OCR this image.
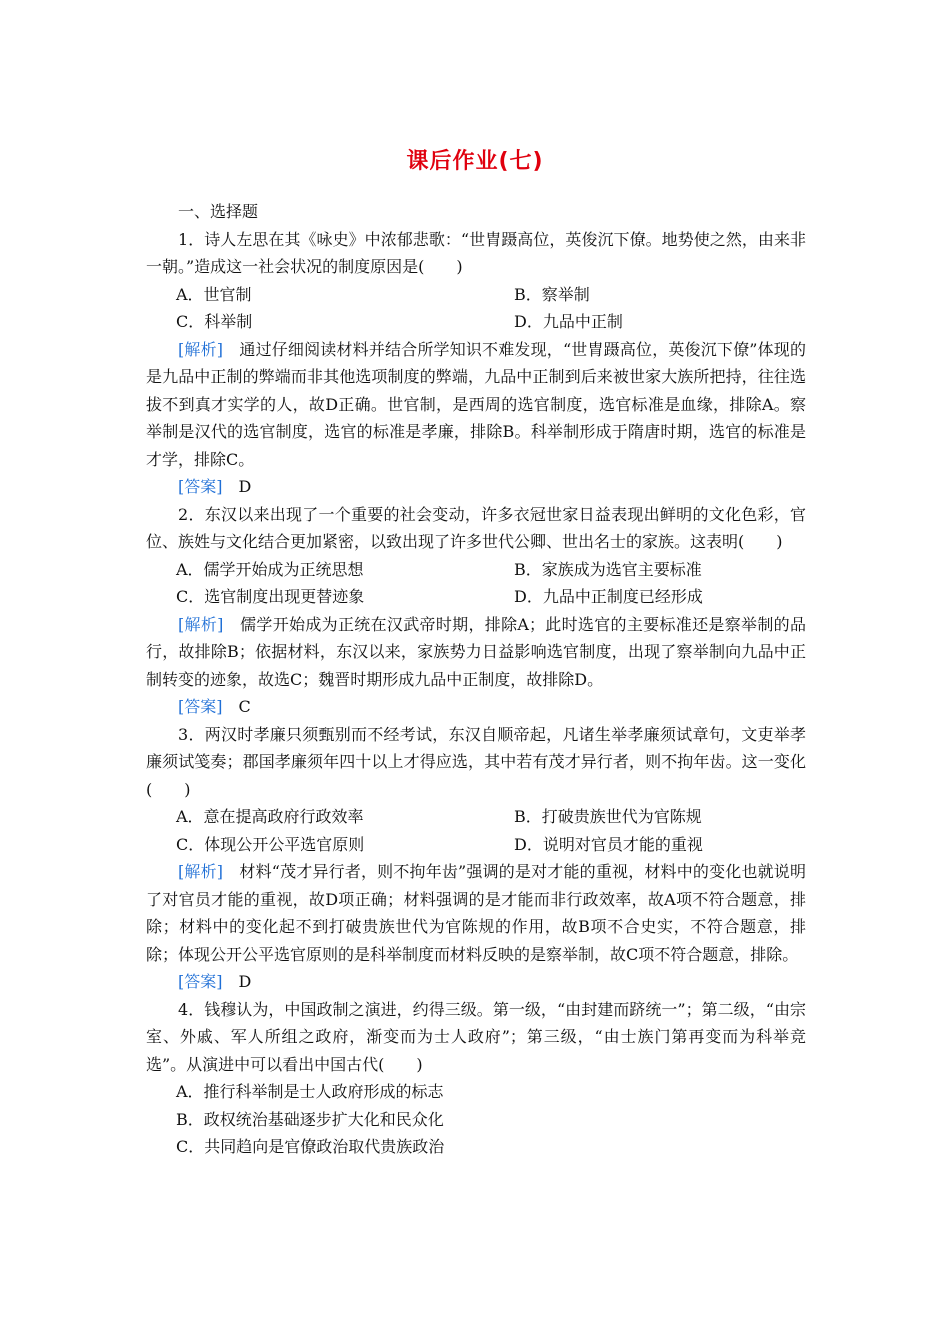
课后作业(七)

一、选择题

1．诗人左思在其《咏史》中浓郁悲歌：“世胄蹑高位，英俊沉下僚。地势使之然，由来非一朝。”造成这一社会状况的制度原因是(　　)

A．世官制	B．察举制
C．科举制	D．九品中正制

[解析]　 通过仔细阅读材料并结合所学知识不难发现，“世胄蹑高位，英俊沉下僚”体现的是九品中正制的弊端而非其他选项制度的弊端，九品中正制到后来被世家大族所把持，往往选拔不到真才实学的人，故D正确。世官制，是西周的选官制度，选官标准是血缘，排除A。察举制是汉代的选官制度，选官的标准是孝廉，排除B。科举制形成于隋唐时期，选官的标准是才学，排除C。

[答案]　 D

2．东汉以来出现了一个重要的社会变动，许多衣冠世家日益表现出鲜明的文化色彩，官位、族姓与文化结合更加紧密，以致出现了许多世代公卿、世出名士的家族。这表明(　　)

A．儒学开始成为正统思想	B．家族成为选官主要标准
C．选官制度出现更替迹象	D．九品中正制度已经形成

[解析]　 儒学开始成为正统在汉武帝时期，排除A；此时选官的主要标准还是察举制的品行，故排除B；依据材料，东汉以来，家族势力日益影响选官制度，出现了察举制向九品中正制转变的迹象，故选C；魏晋时期形成九品中正制度，故排除D。

[答案]　 C

3．两汉时孝廉只须甄别而不经考试，东汉自顺帝起，凡诸生举孝廉须试章句，文吏举孝廉须试笺奏；郡国孝廉须年四十以上才得应选，其中若有茂才异行者，则不拘年齿。这一变化(　　)

A．意在提高政府行政效率	B．打破贵族世代为官陈规
C．体现公开公平选官原则	D．说明对官员才能的重视

[解析]　 材料“茂才异行者，则不拘年齿”强调的是对才能的重视，材料中的变化也就说明了对官员才能的重视，故D项正确；材料强调的是才能而非行政效率，故A项不符合题意，排除；材料中的变化起不到打破贵族世代为官陈规的作用，故B项不合史实，不符合题意，排除；体现公开公平选官原则的是科举制度而材料反映的是察举制，故C项不符合题意，排除。

[答案]　 D

4．钱穆认为，中国政制之演进，约得三级。第一级，“由封建而跻统一”；第二级，“由宗室、外戚、军人所组之政府，渐变而为士人政府”；第三级，“由士族门第再变而为科举竞选”。从演进中可以看出中国古代(　　)

A．推行科举制是士人政府形成的标志

B．政权统治基础逐步扩大化和民众化

C．共同趋向是官僚政治取代贵族政治
